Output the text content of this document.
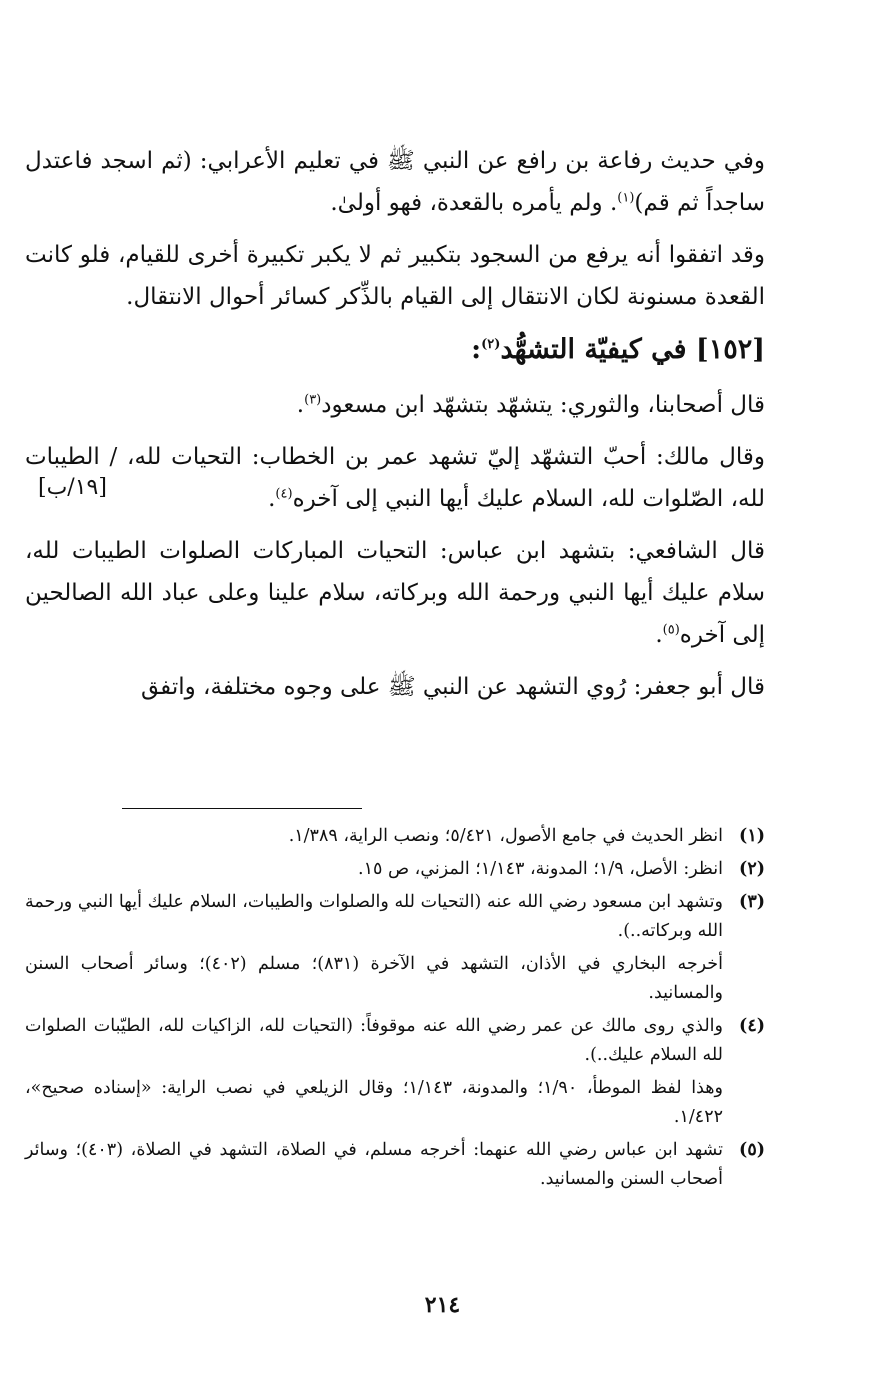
وفي حديث رفاعة بن رافع عن النبي ﷺ في تعليم الأعرابي: (ثم اسجد فاعتدل ساجداً ثم قم)$^{(١)}$. ولم يأمره بالقعدة، فهو أولىٰ.

وقد اتفقوا أنه يرفع من السجود بتكبير ثم لا يكبر تكبيرة أخرى للقيام، فلو كانت القعدة مسنونة لكان الانتقال إلى القيام بالذِّكر كسائر أحوال الانتقال.

[١٥٢] في كيفيّة التشهُّد$^{(٢)}$:

قال أصحابنا، والثوري: يتشهّد بتشهّد ابن مسعود$^{(٣)}$.

وقال مالك: أحبّ التشهّد إليّ تشهد عمر بن الخطاب: التحيات لله، / الطيبات لله، الصّلوات لله، السلام عليك أيها النبي إلى آخره$^{(٤)}$.

قال الشافعي: بتشهد ابن عباس: التحيات المباركات الصلوات الطيبات لله، سلام عليك أيها النبي ورحمة الله وبركاته، سلام علينا وعلى عباد الله الصالحين إلى آخره$^{(٥)}$.

قال أبو جعفر: رُوي التشهد عن النبي ﷺ على وجوه مختلفة، واتفق

[١٩/ب]
(١)
انظر الحديث في جامع الأصول، ٥/٤٢١؛ ونصب الراية، ١/٣٨٩.
(٢)
انظر: الأصل، ١/٩؛ المدونة، ١/١٤٣؛ المزني، ص ١٥.
(٣)
وتشهد ابن مسعود رضي الله عنه (التحيات لله والصلوات والطيبات، السلام عليك أيها النبي ورحمة الله وبركاته..).

أخرجه البخاري في الأذان، التشهد في الآخرة (٨٣١)؛ مسلم (٤٠٢)؛ وسائر أصحاب السنن والمسانيد.

(٤)
والذي روى مالك عن عمر رضي الله عنه موقوفاً: (التحيات لله، الزاكيات لله، الطيّبات الصلوات لله السلام عليك..).

وهذا لفظ الموطأ، ١/٩٠؛ والمدونة، ١/١٤٣؛ وقال الزيلعي في نصب الراية: «إسناده صحيح»، ١/٤٢٢.

(٥)
تشهد ابن عباس رضي الله عنهما: أخرجه مسلم، في الصلاة، التشهد في الصلاة، (٤٠٣)؛ وسائر أصحاب السنن والمسانيد.
٢١٤
